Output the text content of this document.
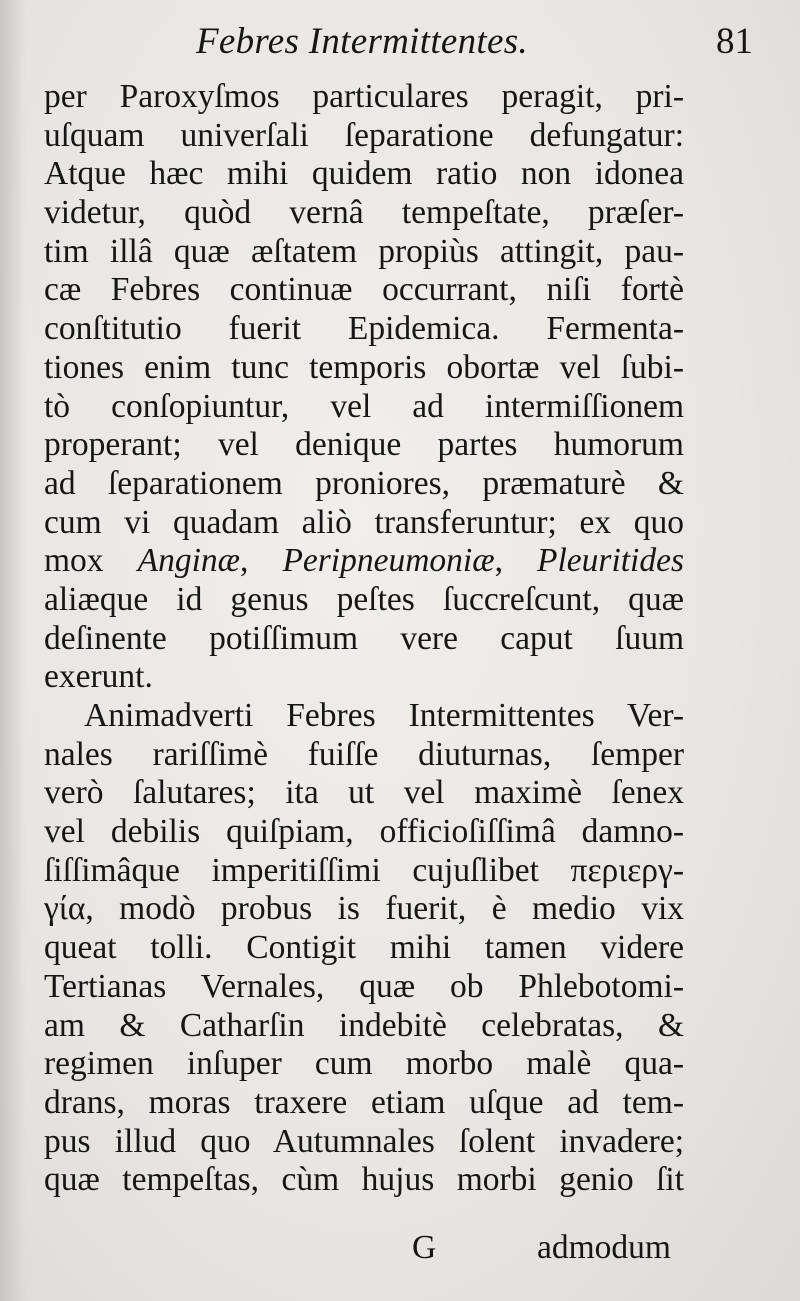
Febres Intermittentes.	81
per Paroxyſmos particulares peragit, pri-
uſquam univerſali ſeparatione defungatur:
Atque hæc mihi quidem ratio non idonea
videtur, quòd vernâ tempeſtate, præſer-
tim illâ quæ æſtatem propiùs attingit, pau-
cæ Febres continuæ occurrant, niſi fortè
conſtitutio fuerit Epidemica. Fermenta-
tiones enim tunc temporis obortæ vel ſubi-
tò conſopiuntur, vel ad intermiſſionem
properant; vel denique partes humorum
ad ſeparationem proniores, præmaturè &
cum vi quadam aliò transferuntur; ex quo
mox Anginæ, Peripneumoniæ, Pleuritides
aliæque id genus peſtes ſuccreſcunt, quæ
deſinente potiſſimum vere caput ſuum
exerunt.
Animadverti Febres Intermittentes Ver-
nales rariſſimè fuiſſe diuturnas, ſemper
verò ſalutares; ita ut vel maximè ſenex
vel debilis quiſpiam, officioſiſſimâ damno-
ſiſſimâque imperitiſſimi cujuſlibet περιεργ-
γία, modò probus is fuerit, è medio vix
queat tolli. Contigit mihi tamen videre
Tertianas Vernales, quæ ob Phlebotomi-
am & Catharſin indebitè celebratas, &
regimen inſuper cum morbo malè qua-
drans, moras traxere etiam uſque ad tem-
pus illud quo Autumnales ſolent invadere;
quæ tempeſtas, cùm hujus morbi genio ſit
G	admodum
